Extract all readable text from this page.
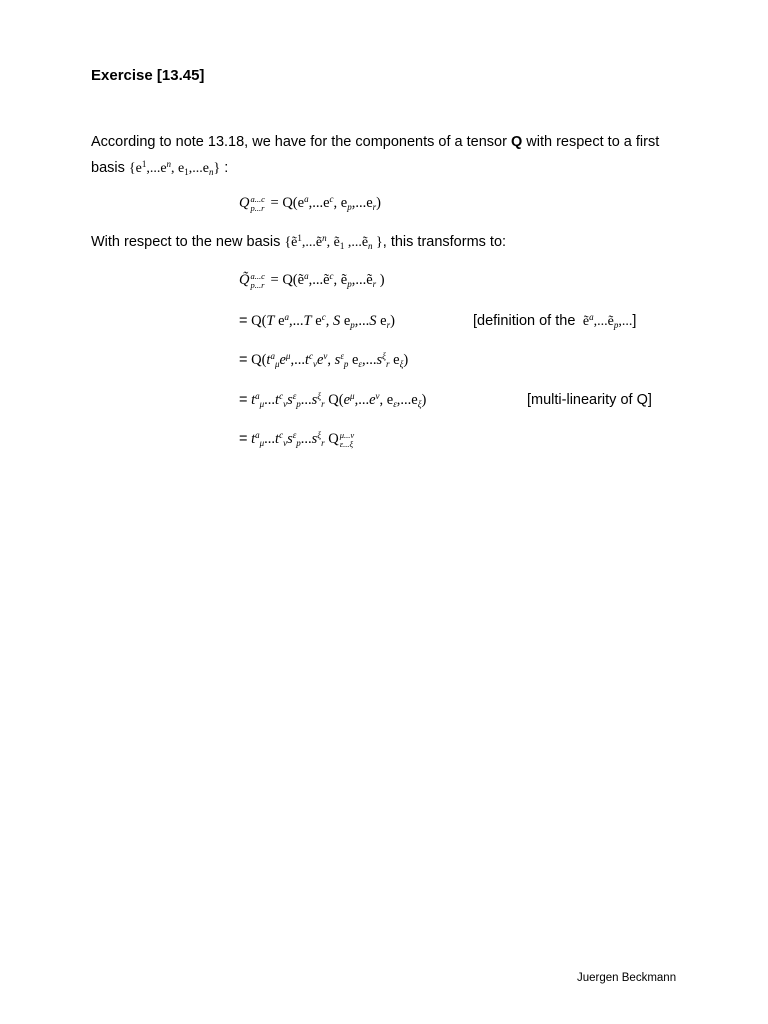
Exercise [13.45]
According to note 13.18, we have for the components of a tensor Q with respect to a first
basis {$e^1,...e^n$, $e_1,...e_n$} :
Q a...c
$p...r = Q(e^a,...e^c$, $e_p,...e_r$)
With respect to the new basis {ẽ$^1$,...ẽ$^n$, ẽ$_1$ ,...ẽ$_n$ }, this transforms to:
Q̃ a...c
p...r = Q(ẽ$^a$,...ẽ$^c$, ẽ$_p$,...ẽ$_r$ )
= Q(T $e^a,...T$ $e^c$, S $e_p,...S$ $e_r$)	[definition of the  ẽ$^a$,...ẽ$_p$,...]
= $Q(t^a_\mu e^\mu,...t^c_\nu e^\nu$, $s^\varepsilon_p$ $e_\varepsilon,...s^\xi_r$ $e_\xi$)
= $t^a_\mu...t^c_\nu s^\varepsilon_p...s^\xi_r$ $Q(e^\mu,...e^\nu$, $e_\varepsilon,...e_\xi$)	[multi-linearity of Q]
= $t^a_\mu...t^c_\nu s^\varepsilon_p...s^\xi_r$ Q μ...ν
ε...ξ
Juergen Beckmann
